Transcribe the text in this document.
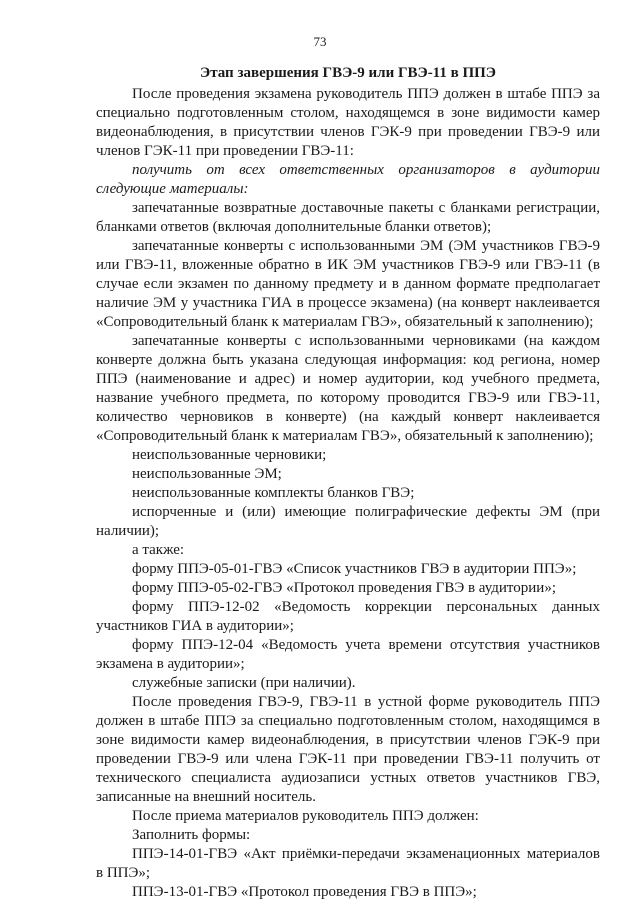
73

Этап завершения ГВЭ-9 или ГВЭ-11 в ППЭ

После проведения экзамена руководитель ППЭ должен в штабе ППЭ за специально подготовленным столом, находящемся в зоне видимости камер видеонаблюдения, в присутствии членов ГЭК-9 при проведении ГВЭ-9 или членов ГЭК-11 при проведении ГВЭ-11:

получить от всех ответственных организаторов в аудитории следующие материалы:

запечатанные возвратные доставочные пакеты с бланками регистрации, бланками ответов (включая дополнительные бланки ответов);

запечатанные конверты с использованными ЭМ (ЭМ участников ГВЭ-9 или ГВЭ-11, вложенные обратно в ИК ЭМ участников ГВЭ-9 или ГВЭ-11 (в случае если экзамен по данному предмету и в данном формате предполагает наличие ЭМ у участника ГИА в процессе экзамена) (на конверт наклеивается «Сопроводительный бланк к материалам ГВЭ», обязательный к заполнению);

запечатанные конверты с использованными черновиками (на каждом конверте должна быть указана следующая информация: код региона, номер ППЭ (наименование и адрес) и номер аудитории, код учебного предмета, название учебного предмета, по которому проводится ГВЭ-9 или ГВЭ-11, количество черновиков в конверте) (на каждый конверт наклеивается «Сопроводительный бланк к материалам ГВЭ», обязательный к заполнению);

неиспользованные черновики;

неиспользованные ЭМ;

неиспользованные комплекты бланков ГВЭ;

испорченные и (или) имеющие полиграфические дефекты ЭМ (при наличии);

а также:

форму ППЭ-05-01-ГВЭ «Список участников ГВЭ в аудитории ППЭ»;

форму ППЭ-05-02-ГВЭ «Протокол проведения ГВЭ в аудитории»;

форму ППЭ-12-02 «Ведомость коррекции персональных данных участников ГИА в аудитории»;

форму ППЭ-12-04 «Ведомость учета времени отсутствия участников экзамена в аудитории»;

служебные записки (при наличии).

После проведения ГВЭ-9, ГВЭ-11 в устной форме руководитель ППЭ должен в штабе ППЭ за специально подготовленным столом, находящимся в зоне видимости камер видеонаблюдения, в присутствии членов ГЭК-9 при проведении ГВЭ-9 или члена ГЭК-11 при проведении ГВЭ-11 получить от технического специалиста аудиозаписи устных ответов участников ГВЭ, записанные на внешний носитель.

После приема материалов руководитель ППЭ должен:

Заполнить формы:

ППЭ-14-01-ГВЭ «Акт приёмки-передачи экзаменационных материалов в ППЭ»;

ППЭ-13-01-ГВЭ «Протокол проведения ГВЭ в ППЭ»;
